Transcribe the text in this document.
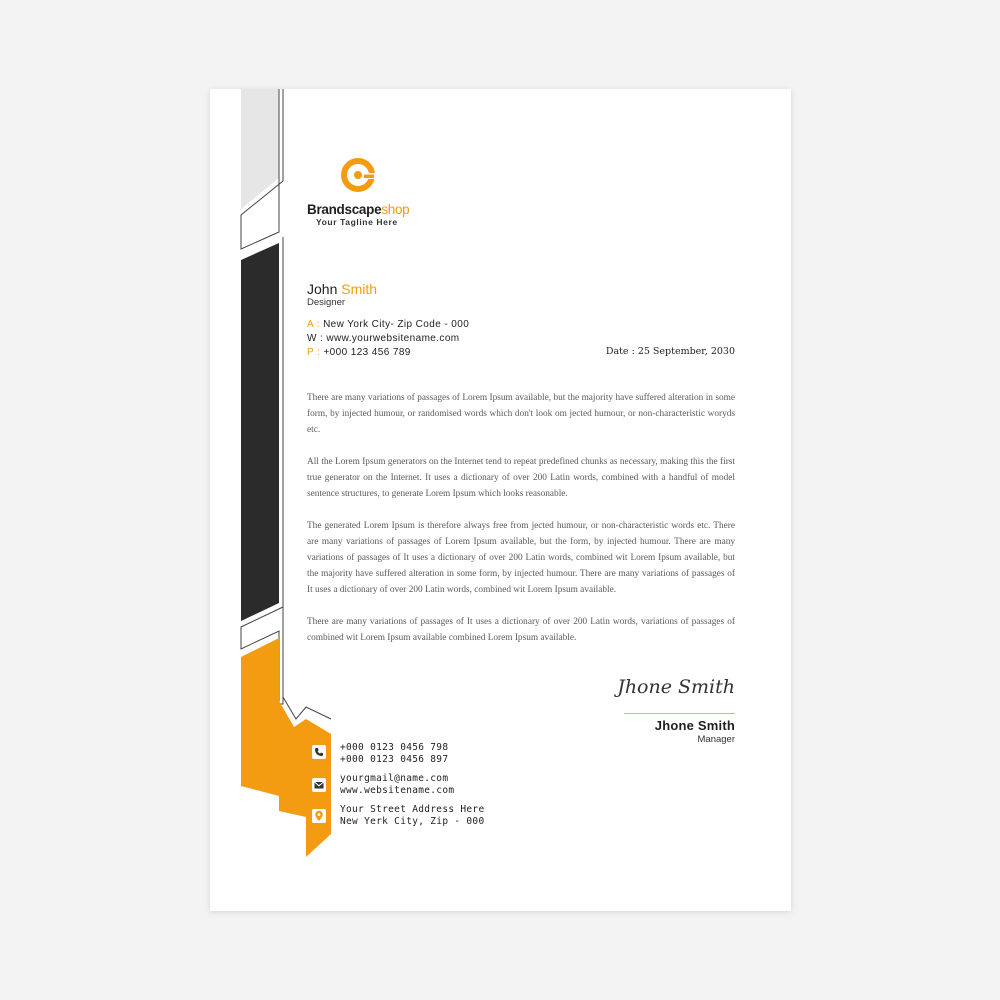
Brandscapeshop
Your Tagline Here
John Smith
Designer
A : New York City- Zip Code - 000
W : www.yourwebsitename.com
P : +000 123 456 789	Date : 25 September, 2030

There are many variations of passages of Lorem Ipsum available, but the majority have suffered alteration in some form, by injected humour, or randomised words which don't look om jected humour, or non-characteristic woryds etc.

All the Lorem Ipsum generators on the Internet tend to repeat predefined chunks as necessary, making this the first true generator on the Internet. It uses a dictionary of over 200 Latin words, combined with a handful of model sentence structures, to generate Lorem Ipsum which looks reasonable.

The generated Lorem Ipsum is therefore always free from jected humour, or non-characteristic words etc. There are many variations of passages of Lorem Ipsum available, but the form, by injected humour. There are many variations of passages of It uses a dictionary of over 200 Latin words, combined wit Lorem Ipsum available, but the majority have suffered alteration in some form, by injected humour. There are many variations of passages of It uses a dictionary of over 200 Latin words, combined wit Lorem Ipsum available.

There are many variations of passages of It uses a dictionary of over 200 Latin words, variations of passages of combined wit Lorem Ipsum available combined Lorem Ipsum available.

Jhone Smith
Jhone Smith
Manager
+000 0123 0456 798
+000 0123 0456 897
yourgmail@name.com
www.websitename.com
Your Street Address Here
New Yerk City, Zip - 000
